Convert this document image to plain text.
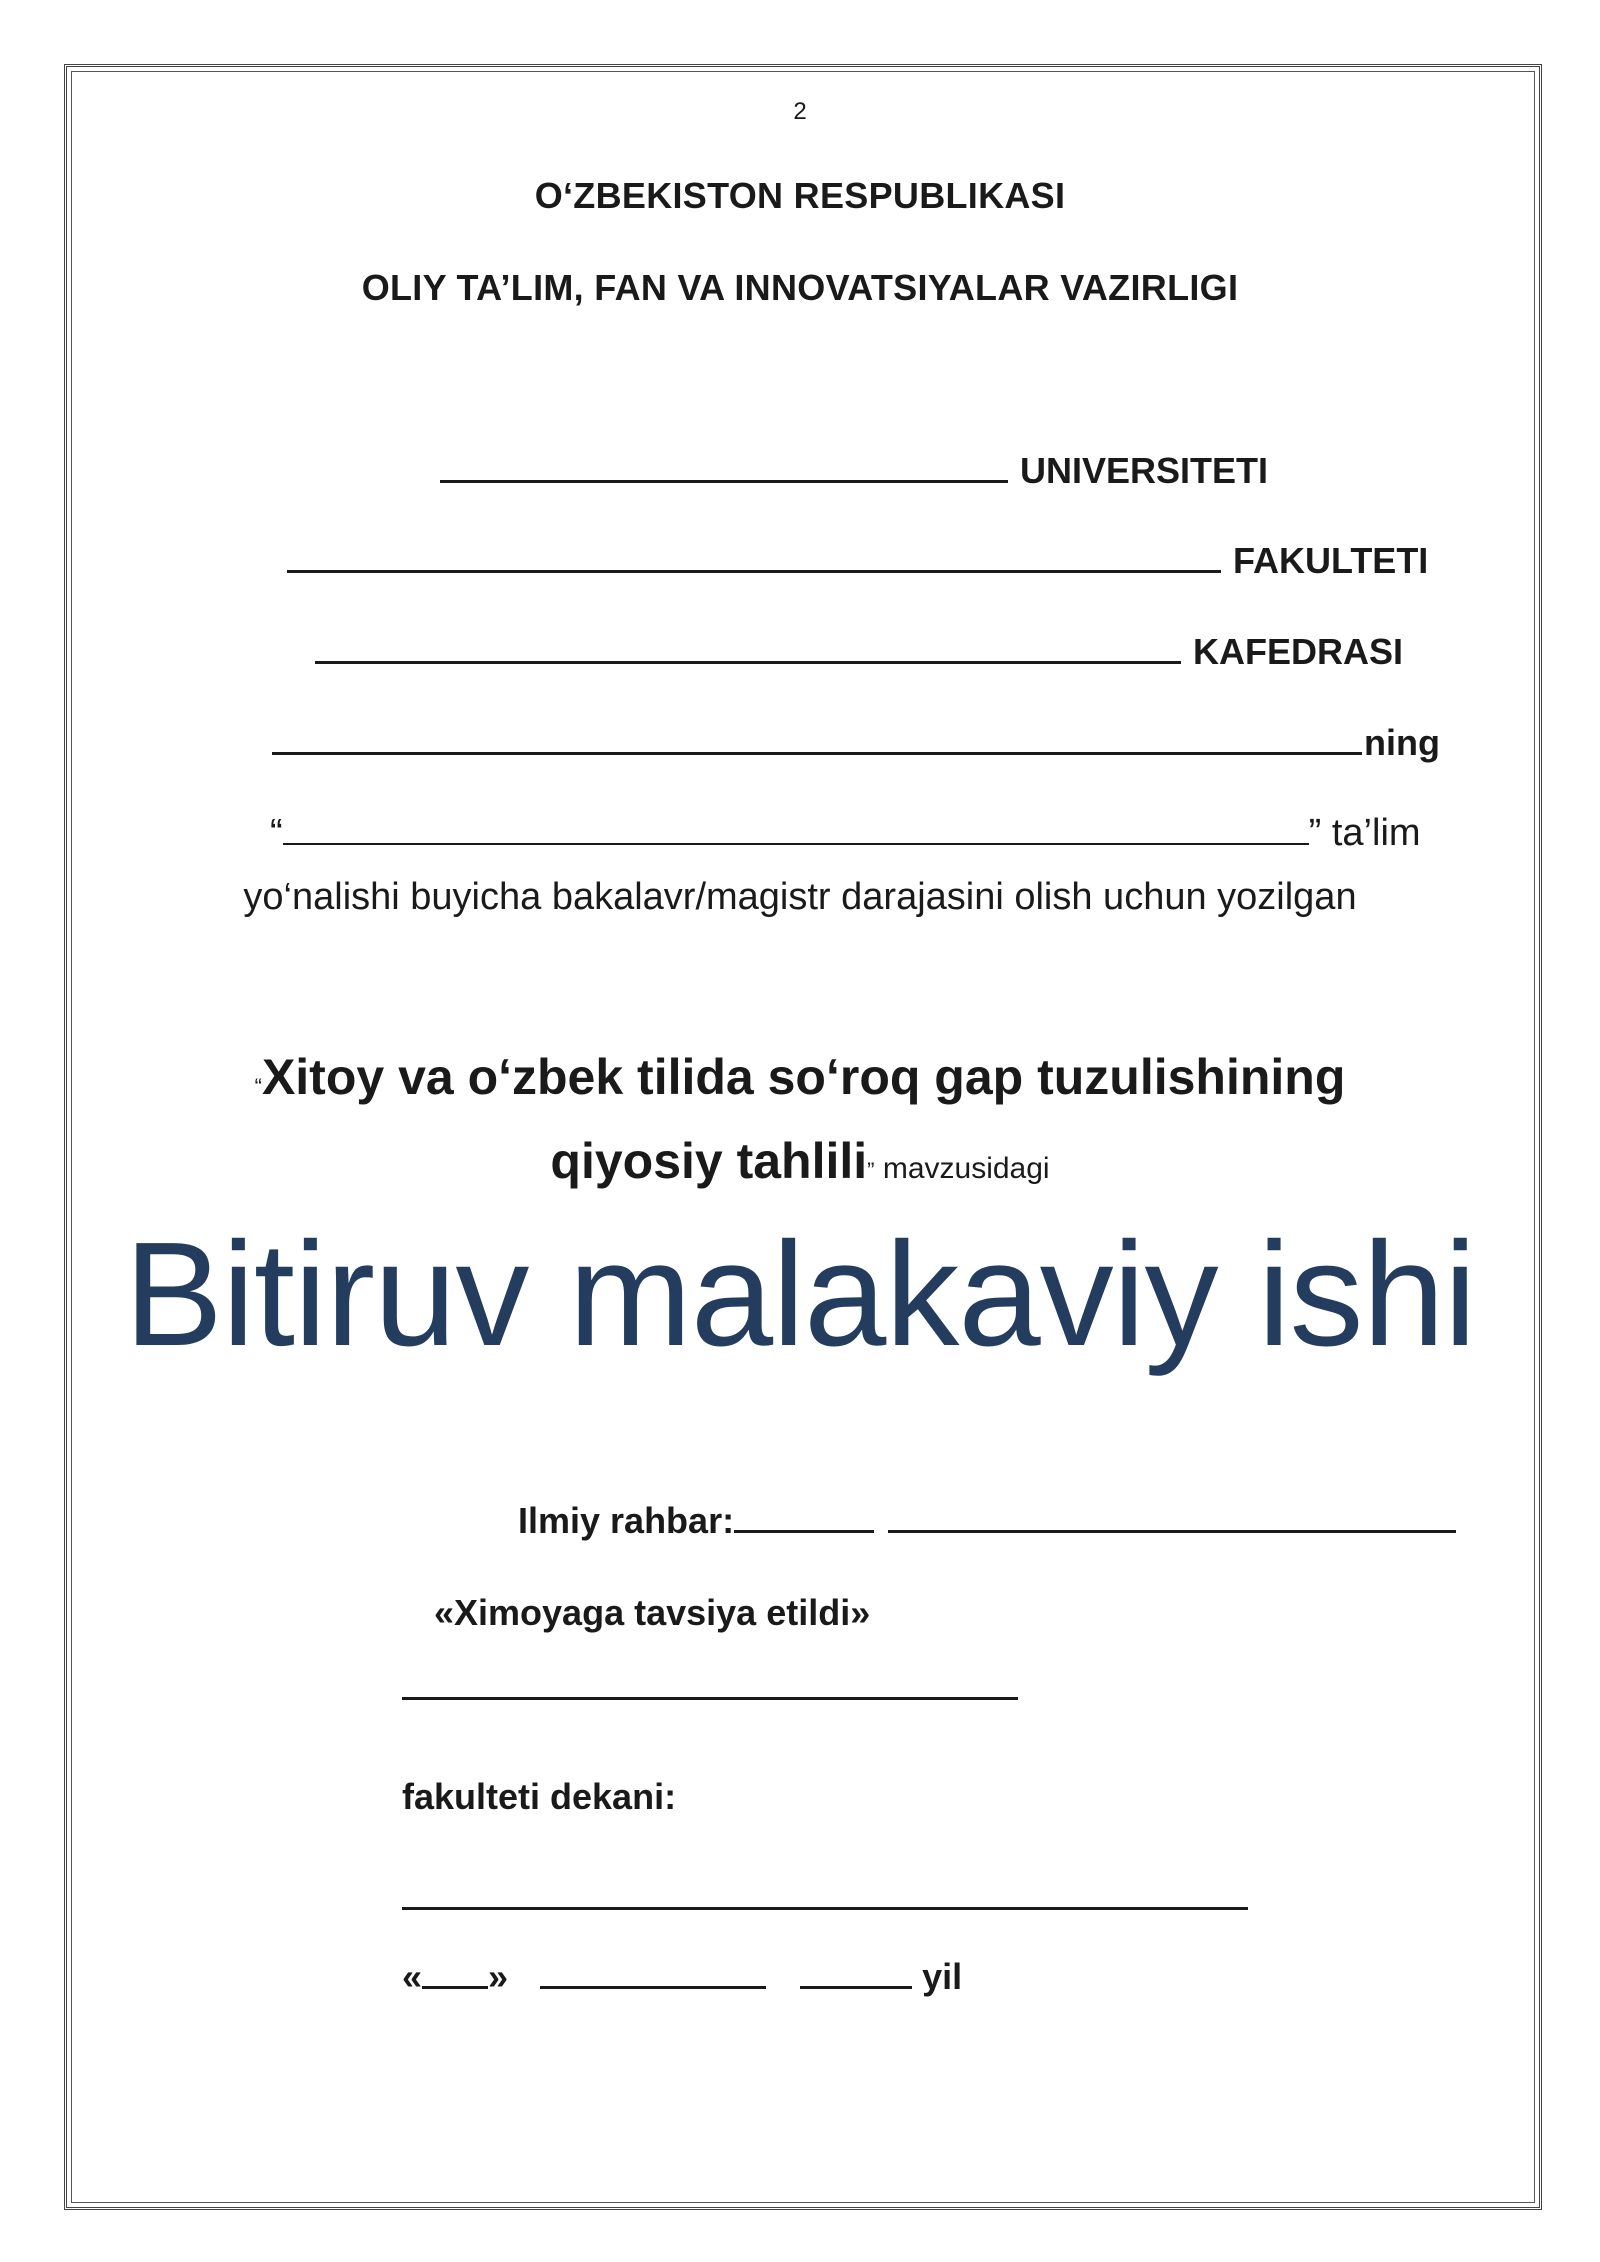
2
O‘ZBEKISTON RESPUBLIKASI
OLIY TA’LIM, FAN VA INNOVATSIYALAR VAZIRLIGI
UNIVERSITETI
FAKULTETI
KAFEDRASI
ning
“	” ta’lim
yo‘nalishi buyicha bakalavr/magistr darajasini olish uchun yozilgan
“Xitoy va o‘zbek tilida so‘roq gap tuzulishining
qiyosiy tahlili” mavzusidagi
Bitiruv malakaviy ishi
Ilmiy rahbar:
«Ximoyaga tavsiya etildi»
fakulteti dekani:
« »	yil
